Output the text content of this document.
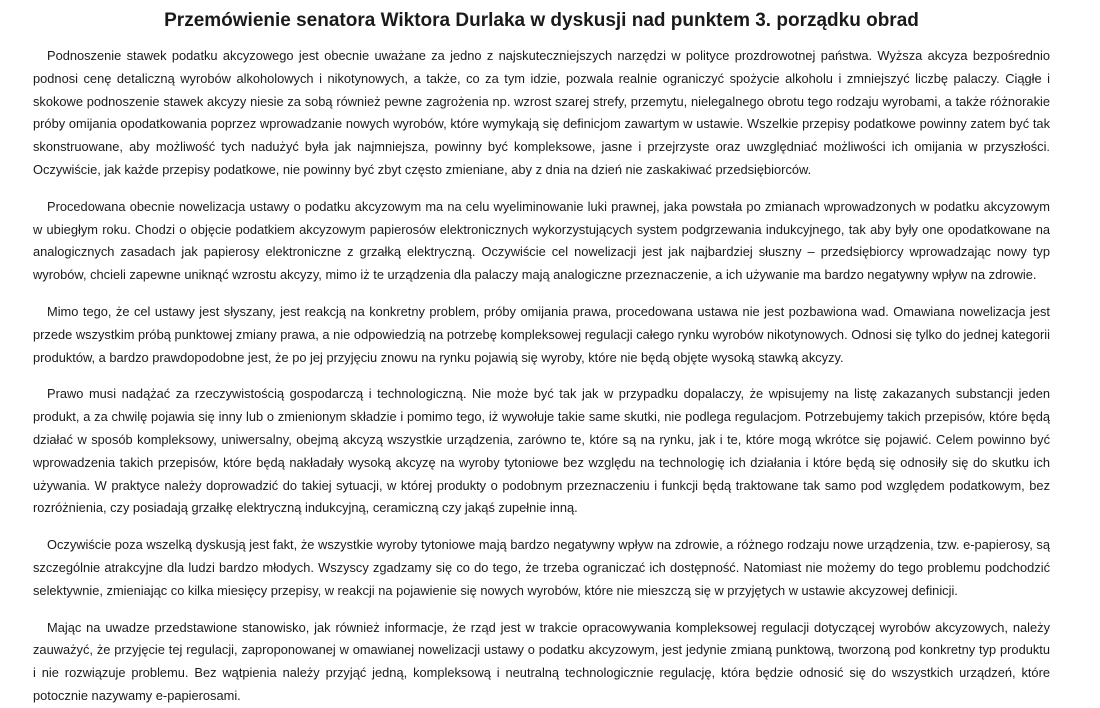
Przemówienie senatora Wiktora Durlaka w dyskusji nad punktem 3. porządku obrad

Podnoszenie stawek podatku akcyzowego jest obecnie uważane za jedno z najskuteczniejszych narzędzi w polityce prozdrowotnej państwa. Wyższa akcyza bezpośrednio podnosi cenę detaliczną wyrobów alkoholowych i nikotynowych, a także, co za tym idzie, pozwala realnie ograniczyć spożycie alkoholu i zmniejszyć liczbę palaczy. Ciągłe i skokowe podnoszenie stawek akcyzy niesie za sobą również pewne zagrożenia np. wzrost szarej strefy, przemytu, nielegalnego obrotu tego rodzaju wyrobami, a także różnorakie próby omijania opodatkowania poprzez wprowadzanie nowych wyrobów, które wymykają się definicjom zawartym w ustawie. Wszelkie przepisy podatkowe powinny zatem być tak skonstruowane, aby możliwość tych nadużyć była jak najmniejsza, powinny być kompleksowe, jasne i przejrzyste oraz uwzględniać możliwości ich omijania w przyszłości. Oczywiście, jak każde przepisy podatkowe, nie powinny być zbyt często zmieniane, aby z dnia na dzień nie zaskakiwać przedsiębiorców.

Procedowana obecnie nowelizacja ustawy o podatku akcyzowym ma na celu wyeliminowanie luki prawnej, jaka powstała po zmianach wprowadzonych w podatku akcyzowym w ubiegłym roku. Chodzi o objęcie podatkiem akcyzowym papierosów elektronicznych wykorzystujących system podgrzewania indukcyjnego, tak aby były one opodatkowane na analogicznych zasadach jak papierosy elektroniczne z grzałką elektryczną. Oczywiście cel nowelizacji jest jak najbardziej słuszny – przedsiębiorcy wprowadzając nowy typ wyrobów, chcieli zapewne uniknąć wzrostu akcyzy, mimo iż te urządzenia dla palaczy mają analogiczne przeznaczenie, a ich używanie ma bardzo negatywny wpływ na zdrowie.

Mimo tego, że cel ustawy jest słyszany, jest reakcją na konkretny problem, próby omijania prawa, procedowana ustawa nie jest pozbawiona wad. Omawiana nowelizacja jest przede wszystkim próbą punktowej zmiany prawa, a nie odpowiedzią na potrzebę kompleksowej regulacji całego rynku wyrobów nikotynowych. Odnosi się tylko do jednej kategorii produktów, a bardzo prawdopodobne jest, że po jej przyjęciu znowu na rynku pojawią się wyroby, które nie będą objęte wysoką stawką akcyzy.

Prawo musi nadążać za rzeczywistością gospodarczą i technologiczną. Nie może być tak jak w przypadku dopalaczy, że wpisujemy na listę zakazanych substancji jeden produkt, a za chwilę pojawia się inny lub o zmienionym składzie i pomimo tego, iż wywołuje takie same skutki, nie podlega regulacjom. Potrzebujemy takich przepisów, które będą działać w sposób kompleksowy, uniwersalny, obejmą akcyzą wszystkie urządzenia, zarówno te, które są na rynku, jak i te, które mogą wkrótce się pojawić. Celem powinno być wprowadzenia takich przepisów, które będą nakładały wysoką akcyzę na wyroby tytoniowe bez względu na technologię ich działania i które będą się odnosiły się do skutku ich używania. W praktyce należy doprowadzić do takiej sytuacji, w której produkty o podobnym przeznaczeniu i funkcji będą traktowane tak samo pod względem podatkowym, bez rozróżnienia, czy posiadają grzałkę elektryczną indukcyjną, ceramiczną czy jakąś zupełnie inną.

Oczywiście poza wszelką dyskusją jest fakt, że wszystkie wyroby tytoniowe mają bardzo negatywny wpływ na zdrowie, a różnego rodzaju nowe urządzenia, tzw. e-papierosy, są szczególnie atrakcyjne dla ludzi bardzo młodych. Wszyscy zgadzamy się co do tego, że trzeba ograniczać ich dostępność. Natomiast nie możemy do tego problemu podchodzić selektywnie, zmieniając co kilka miesięcy przepisy, w reakcji na pojawienie się nowych wyrobów, które nie mieszczą się w przyjętych w ustawie akcyzowej definicji.

Mając na uwadze przedstawione stanowisko, jak również informacje, że rząd jest w trakcie opracowywania kompleksowej regulacji dotyczącej wyrobów akcyzowych, należy zauważyć, że przyjęcie tej regulacji, zaproponowanej w omawianej nowelizacji ustawy o podatku akcyzowym, jest jedynie zmianą punktową, tworzoną pod konkretny typ produktu i nie rozwiązuje problemu. Bez wątpienia należy przyjąć jedną, kompleksową i neutralną technologicznie regulację, która będzie odnosić się do wszystkich urządzeń, które potocznie nazywamy e-papierosami.
